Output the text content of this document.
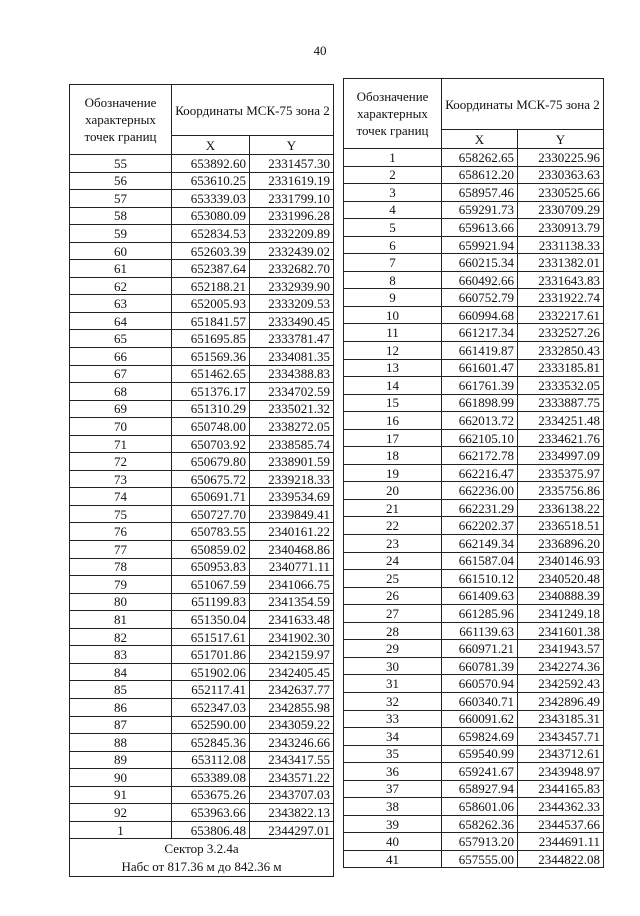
40
Обозначение характерных точек границ	Координаты МСК-75 зона 2	
	X	Y
55	653892.60	2331457.30
56	653610.25	2331619.19
57	653339.03	2331799.10
58	653080.09	2331996.28
59	652834.53	2332209.89
60	652603.39	2332439.02
61	652387.64	2332682.70
62	652188.21	2332939.90
63	652005.93	2333209.53
64	651841.57	2333490.45
65	651695.85	2333781.47
66	651569.36	2334081.35
67	651462.65	2334388.83
68	651376.17	2334702.59
69	651310.29	2335021.32
70	650748.00	2338272.05
71	650703.92	2338585.74
72	650679.80	2338901.59
73	650675.72	2339218.33
74	650691.71	2339534.69
75	650727.70	2339849.41
76	650783.55	2340161.22
77	650859.02	2340468.86
78	650953.83	2340771.11
79	651067.59	2341066.75
80	651199.83	2341354.59
81	651350.04	2341633.48
82	651517.61	2341902.30
83	651701.86	2342159.97
84	651902.06	2342405.45
85	652117.41	2342637.77
86	652347.03	2342855.98
87	652590.00	2343059.22
88	652845.36	2343246.66
89	653112.08	2343417.55
90	653389.08	2343571.22
91	653675.26	2343707.03
92	653963.66	2343822.13
1	653806.48	2344297.01

Сектор 3.2.4а
Набс от 817.36 м до 842.36 м		
Обозначение характерных точек границ	Координаты МСК-75 зона 2	
	X	Y
1	658262.65	2330225.96
2	658612.20	2330363.63
3	658957.46	2330525.66
4	659291.73	2330709.29
5	659613.66	2330913.79
6	659921.94	2331138.33
7	660215.34	2331382.01
8	660492.66	2331643.83
9	660752.79	2331922.74
10	660994.68	2332217.61
11	661217.34	2332527.26
12	661419.87	2332850.43
13	661601.47	2333185.81
14	661761.39	2333532.05
15	661898.99	2333887.75
16	662013.72	2334251.48
17	662105.10	2334621.76
18	662172.78	2334997.09
19	662216.47	2335375.97
20	662236.00	2335756.86
21	662231.29	2336138.22
22	662202.37	2336518.51
23	662149.34	2336896.20
24	661587.04	2340146.93
25	661510.12	2340520.48
26	661409.63	2340888.39
27	661285.96	2341249.18
28	661139.63	2341601.38
29	660971.21	2341943.57
30	660781.39	2342274.36
31	660570.94	2342592.43
32	660340.71	2342896.49
33	660091.62	2343185.31
34	659824.69	2343457.71
35	659540.99	2343712.61
36	659241.67	2343948.97
37	658927.94	2344165.83
38	658601.06	2344362.33
39	658262.36	2344537.66
40	657913.20	2344691.11
41	657555.00	2344822.08
